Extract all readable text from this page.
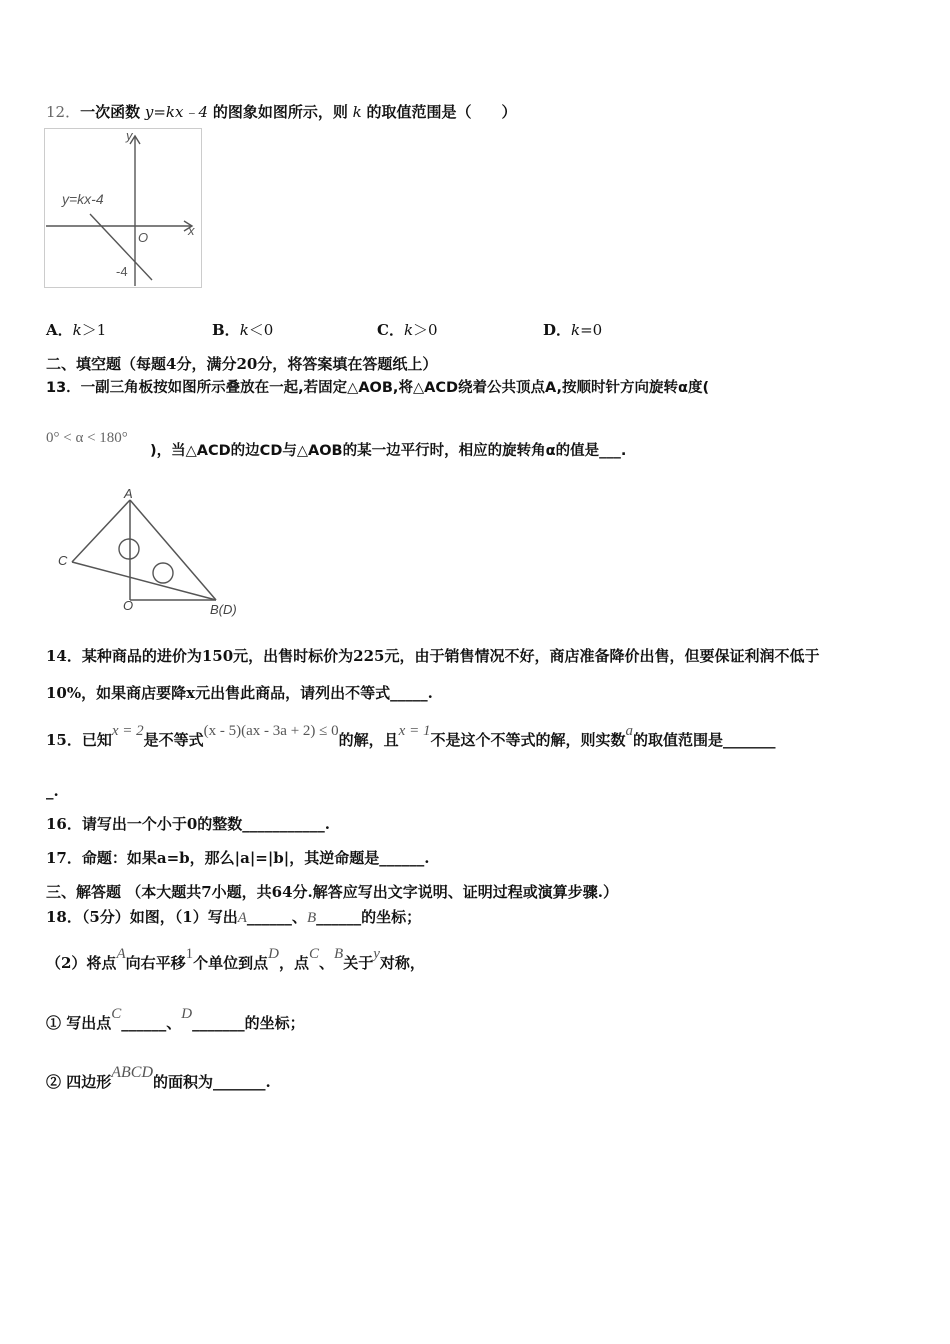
12．一次函数 y=kx﹣4 的图象如图所示，则 k 的取值范围是（　　）
y=kx-4
y
x
O
-4
A．k＞1	B．k＜0	C．k＞0	D．k=0
二、填空题（每题4分，满分20分，将答案填在答题纸上）
13．一副三角板按如图所示叠放在一起,若固定△AOB,将△ACD绕着公共顶点A,按顺时针方向旋转α度(
0° < α < 180°
)，当△ACD的边CD与△AOB的某一边平行时，相应的旋转角α的值是___.
A
C
O	B(D)
14．某种商品的进价为150元，出售时标价为225元，由于销售情况不好，商店准备降价出售，但要保证利润不低于
10%，如果商店要降x元出售此商品，请列出不等式_____.
15．已知x = 2是不等式(x - 5)(ax - 3a + 2) ≤ 0的解，且x = 1不是这个不等式的解，则实数a的取值范围是_______
_.
16．请写出一个小于0的整数___________.
17．命题：如果a=b，那么|a|=|b|，其逆命题是______.
三、解答题 （本大题共7小题，共64分.解答应写出文字说明、证明过程或演算步骤.）
18．（5分）如图，（1）写出A______、B______的坐标；
（2）将点A向右平移1个单位到点D，点C、B关于y对称，
① 写出点C______、D_______的坐标；
② 四边形ABCD的面积为_______.
